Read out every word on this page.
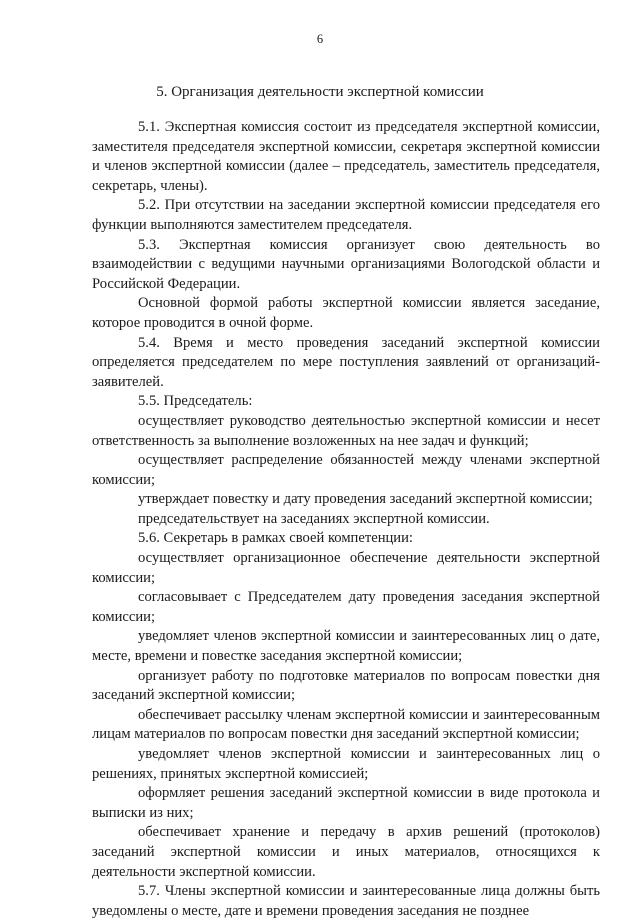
6
5. Организация деятельности экспертной комиссии

5.1. Экспертная комиссия состоит из председателя экспертной комиссии, заместителя председателя экспертной комиссии, секретаря экспертной комиссии и членов экспертной комиссии (далее – председатель, заместитель председателя, секретарь, члены).

5.2. При отсутствии на заседании экспертной комиссии председателя его функции выполняются заместителем председателя.

5.3. Экспертная комиссия организует свою деятельность во взаимодействии с ведущими научными организациями Вологодской области и Российской Федерации.

Основной формой работы экспертной комиссии является заседание, которое проводится в очной форме.

5.4. Время и место проведения заседаний экспертной комиссии определяется председателем по мере поступления заявлений от организаций-заявителей.

5.5. Председатель:

осуществляет руководство деятельностью экспертной комиссии и несет ответственность за выполнение возложенных на нее задач и функций;

осуществляет распределение обязанностей между членами экспертной комиссии;

утверждает повестку и дату проведения заседаний экспертной комиссии;

председательствует на заседаниях экспертной комиссии.

5.6. Секретарь в рамках своей компетенции:

осуществляет организационное обеспечение деятельности экспертной комиссии;

согласовывает с Председателем дату проведения заседания экспертной комиссии;

уведомляет членов экспертной комиссии и заинтересованных лиц о дате, месте, времени и повестке заседания экспертной комиссии;

организует работу по подготовке материалов по вопросам повестки дня заседаний экспертной комиссии;

обеспечивает рассылку членам экспертной комиссии и заинтересованным лицам материалов по вопросам повестки дня заседаний экспертной комиссии;

уведомляет членов экспертной комиссии и заинтересованных лиц о решениях, принятых экспертной комиссией;

оформляет решения заседаний экспертной комиссии в виде протокола и выписки из них;

обеспечивает хранение и передачу в архив решений (протоколов) заседаний экспертной комиссии и иных материалов, относящихся к деятельности экспертной комиссии.

5.7. Члены экспертной комиссии и заинтересованные лица должны быть уведомлены о месте, дате и времени проведения заседания не позднее
